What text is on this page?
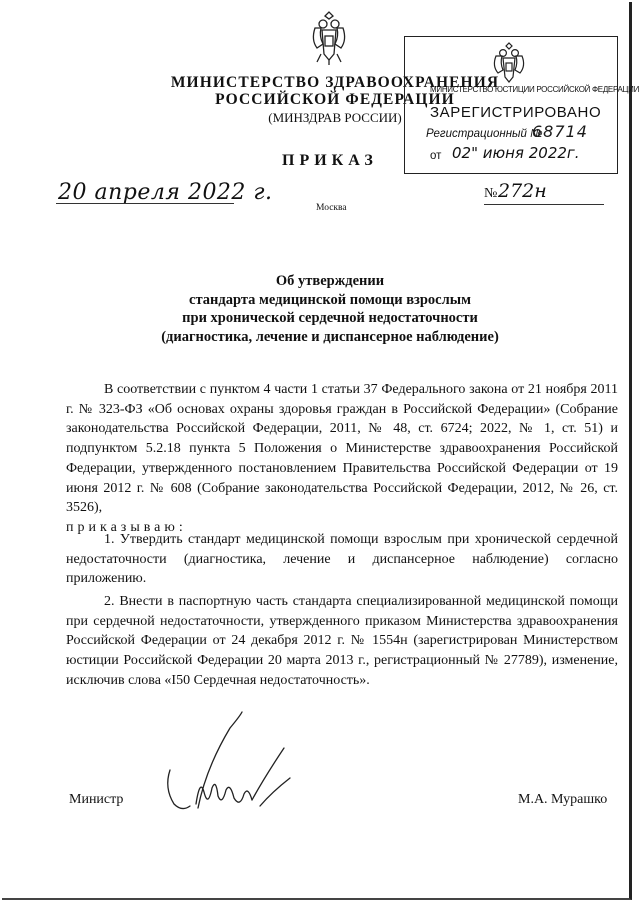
МИНИСТЕРСТВО ЗДРАВООХРАНЕНИЯ
РОССИЙСКОЙ ФЕДЕРАЦИИ
(МИНЗДРАВ РОССИИ)
ПРИКАЗ
МИНИСТЕРСТВО ЮСТИЦИИ РОССИЙСКОЙ ФЕДЕРАЦИИ
ЗАРЕГИСТРИРОВАНО
Регистрационный №
68714
от 02" июня 2022г.
20 апреля 2022 г.
Москва
№ 272н
Об утверждении
стандарта медицинской помощи взрослым
при хронической сердечной недостаточности
(диагностика, лечение и диспансерное наблюдение)

В соответствии с пунктом 4 части 1 статьи 37 Федерального закона от 21 ноября 2011 г. № 323-ФЗ «Об основах охраны здоровья граждан в Российской Федерации» (Собрание законодательства Российской Федерации, 2011, № 48, ст. 6724; 2022, № 1, ст. 51) и подпунктом 5.2.18 пункта 5 Положения о Министерстве здравоохранения Российской Федерации, утвержденного постановлением Правительства Российской Федерации от 19 июня 2012 г. № 608 (Собрание законодательства Российской Федерации, 2012, № 26, ст. 3526),

приказываю:

1. Утвердить стандарт медицинской помощи взрослым при хронической сердечной недостаточности (диагностика, лечение и диспансерное наблюдение) согласно приложению.

2. Внести в паспортную часть стандарта специализированной медицинской помощи при сердечной недостаточности, утвержденного приказом Министерства здравоохранения Российской Федерации от 24 декабря 2012 г. № 1554н (зарегистрирован Министерством юстиции Российской Федерации 20 марта 2013 г., регистрационный № 27789), изменение, исключив слова «I50 Сердечная недостаточность».

Министр	М.А. Мурашко
